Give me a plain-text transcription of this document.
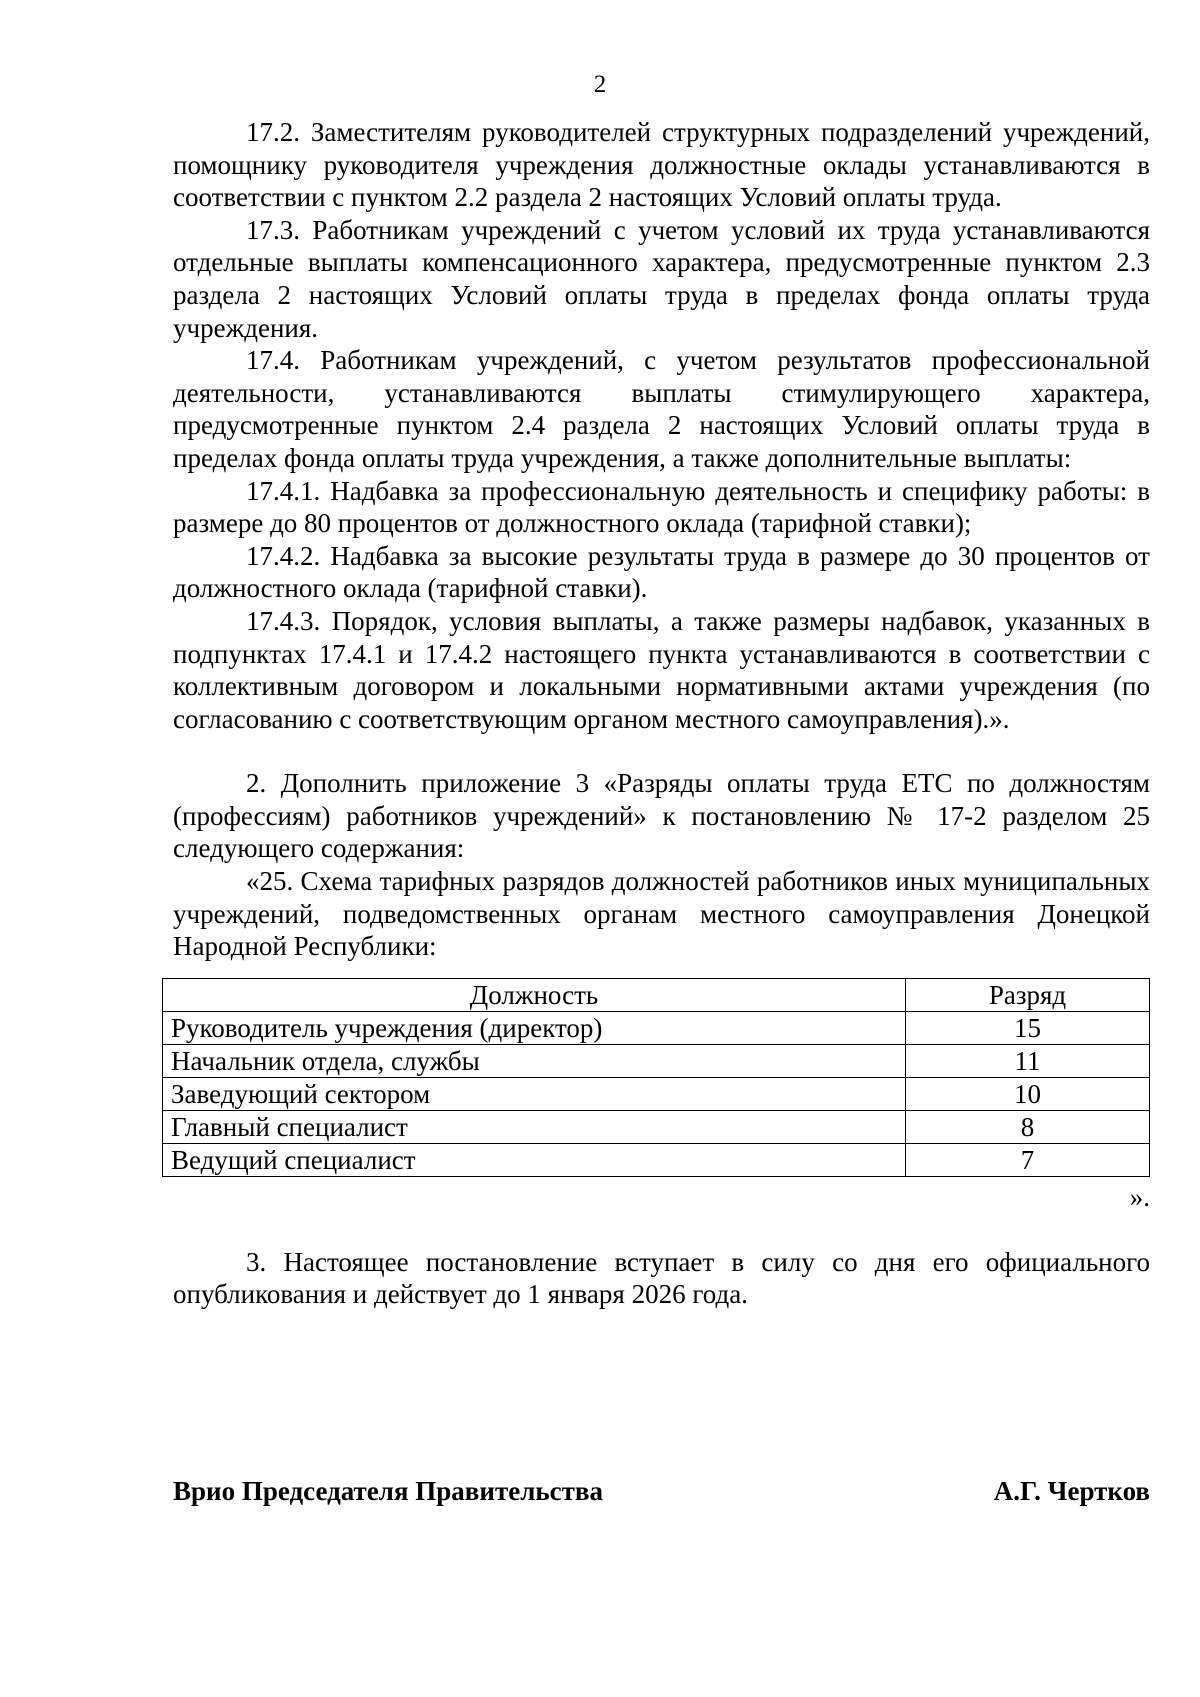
2

17.2. Заместителям руководителей структурных подразделений учреждений, помощнику руководителя учреждения должностные оклады устанавливаются в соответствии с пунктом 2.2 раздела 2 настоящих Условий оплаты труда.

17.3. Работникам учреждений с учетом условий их труда устанавливаются отдельные выплаты компенсационного характера, предусмотренные пунктом 2.3 раздела 2 настоящих Условий оплаты труда в пределах фонда оплаты труда учреждения.

17.4. Работникам учреждений, с учетом результатов профессиональной деятельности, устанавливаются выплаты стимулирующего характера, предусмотренные пунктом 2.4 раздела 2 настоящих Условий оплаты труда в пределах фонда оплаты труда учреждения, а также дополнительные выплаты:

17.4.1. Надбавка за профессиональную деятельность и специфику работы: в размере до 80 процентов от должностного оклада (тарифной ставки);

17.4.2. Надбавка за высокие результаты труда в размере до 30 процентов от должностного оклада (тарифной ставки).

17.4.3. Порядок, условия выплаты, а также размеры надбавок, указанных в подпунктах 17.4.1 и 17.4.2 настоящего пункта устанавливаются в соответствии с коллективным договором и локальными нормативными актами учреждения (по согласованию с соответствующим органом местного самоуправления).».

2. Дополнить приложение 3 «Разряды оплаты труда ЕТС по должностям (профессиям) работников учреждений» к постановлению № 17-2 разделом 25 следующего содержания:

«25. Схема тарифных разрядов должностей работников иных муниципальных учреждений, подведомственных органам местного самоуправления Донецкой Народной Республики:

Должность	Разряд
Руководитель учреждения (директор)	15
Начальник отдела, службы	11
Заведующий сектором	10
Главный специалист	8
Ведущий специалист	7
».

3. Настоящее постановление вступает в силу со дня его официального опубликования и действует до 1 января 2026 года.

Врио Председателя Правительства	А.Г. Чертков
